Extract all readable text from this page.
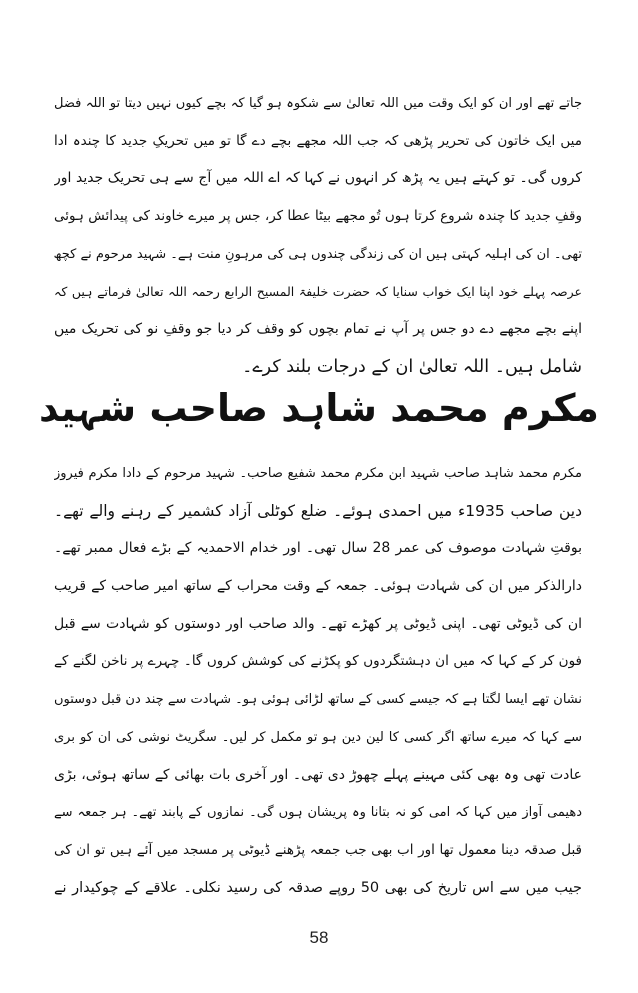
جاتے تھے اور ان کو ایک وقت میں اللہ تعالیٰ سے شکوہ ہو گیا کہ بچے کیوں نہیں دیتا تو اللہ فضل
میں ایک خاتون کی تحریر پڑھی کہ جب اللہ مجھے بچے دے گا تو میں تحریکِ جدید کا چندہ ادا
کروں گی۔ تو کہتے ہیں یہ پڑھ کر انہوں نے کہا کہ اے اللہ میں آج سے ہی تحریک جدید اور
وقفِ جدید کا چندہ شروع کرتا ہوں تُو مجھے بیٹا عطا کر، جس پر میرے خاوند کی پیدائش ہوئی
تھی۔ ان کی اہلیہ کہتی ہیں ان کی زندگی چندوں ہی کی مرہونِ منت ہے۔ شہید مرحوم نے کچھ
عرصہ پہلے خود اپنا ایک خواب سنایا کہ حضرت خلیفۃ المسیح الرابع رحمہ اللہ تعالیٰ فرماتے ہیں کہ
اپنے بچے مجھے دے دو جس پر آپ نے تمام بچوں کو وقف کر دیا جو وقفِ نو کی تحریک میں
شامل ہیں۔ اللہ تعالیٰ ان کے درجات بلند کرے۔
مکرم محمد شاہد صاحب شہید
مکرم محمد شاہد صاحب شہید ابن مکرم محمد شفیع صاحب۔ شہید مرحوم کے دادا مکرم فیروز
دین صاحب 1935ء میں احمدی ہوئے۔ ضلع کوٹلی آزاد کشمیر کے رہنے والے تھے۔
بوقتِ شہادت موصوف کی عمر 28 سال تھی۔ اور خدام الاحمدیہ کے بڑے فعال ممبر تھے۔
دارالذکر میں ان کی شہادت ہوئی۔ جمعہ کے وقت محراب کے ساتھ امیر صاحب کے قریب
ان کی ڈیوٹی تھی۔ اپنی ڈیوٹی پر کھڑے تھے۔ والد صاحب اور دوستوں کو شہادت سے قبل
فون کر کے کہا کہ میں ان دہشتگردوں کو پکڑنے کی کوشش کروں گا۔ چہرے پر ناخن لگنے کے
نشان تھے ایسا لگتا ہے کہ جیسے کسی کے ساتھ لڑائی ہوئی ہو۔ شہادت سے چند دن قبل دوستوں
سے کہا کہ میرے ساتھ اگر کسی کا لین دین ہو تو مکمل کر لیں۔ سگریٹ نوشی کی ان کو بری
عادت تھی وہ بھی کئی مہینے پہلے چھوڑ دی تھی۔ اور آخری بات بھائی کے ساتھ ہوئی، بڑی
دھیمی آواز میں کہا کہ امی کو نہ بتانا وہ پریشان ہوں گی۔ نمازوں کے پابند تھے۔ ہر جمعہ سے
قبل صدقہ دینا معمول تھا اور اب بھی جب جمعہ پڑھنے ڈیوٹی پر مسجد میں آئے ہیں تو ان کی
جیب میں سے اس تاریخ کی بھی 50 روپے صدقہ کی رسید نکلی۔ علاقے کے چوکیدار نے
58
